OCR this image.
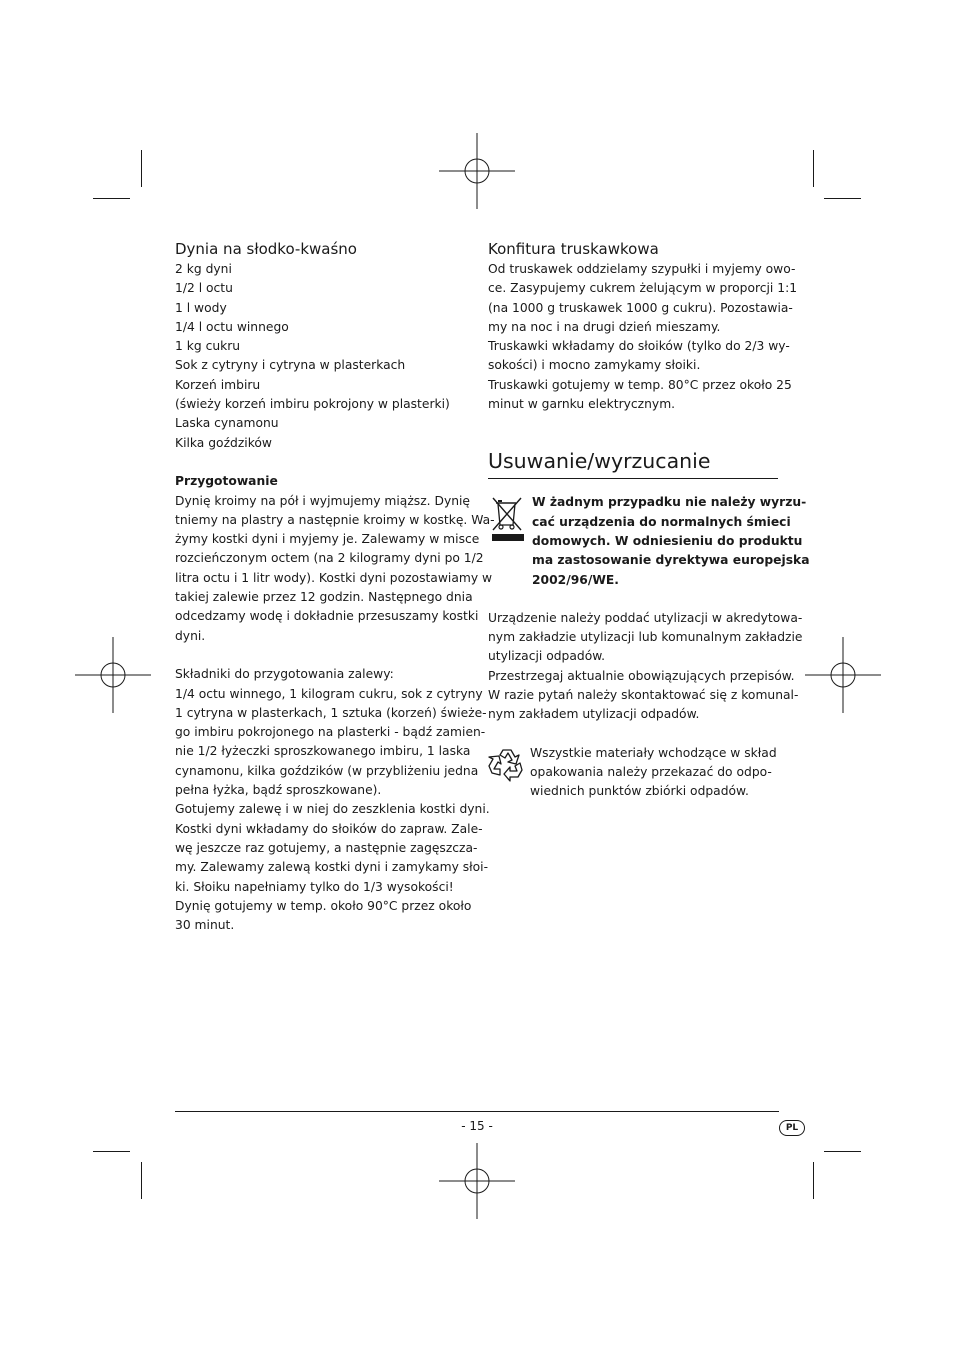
Dynia na słodko-kwaśno
2 kg dyni
1/2 l octu
1 l wody
1/4 l octu winnego
1 kg cukru
Sok z cytryny i cytryna w plasterkach
Korzeń imbiru
(świeży korzeń imbiru pokrojony w plasterki)
Laska cynamonu
Kilka goździków
Przygotowanie
Dynię kroimy na pół i wyjmujemy miąższ. Dynię
tniemy na plastry a następnie kroimy w kostkę. Wa-
żymy kostki dyni i myjemy je. Zalewamy w misce
rozcieńczonym octem (na 2 kilogramy dyni po 1/2
litra octu i 1 litr wody). Kostki dyni pozostawiamy w
takiej zalewie przez 12 godzin. Następnego dnia
odcedzamy wodę i dokładnie przesuszamy kostki
dyni.
Składniki do przygotowania zalewy:
1/4 octu winnego, 1 kilogram cukru, sok z cytryny
1 cytryna w plasterkach, 1 sztuka (korzeń) świeże-
go imbiru pokrojonego na plasterki - bądź zamien-
nie 1/2 łyżeczki sproszkowanego imbiru, 1 laska
cynamonu, kilka goździków (w przybliżeniu jedna
pełna łyżka, bądź sproszkowane).
Gotujemy zalewę i w niej do zeszklenia kostki dyni.
Kostki dyni wkładamy do słoików do zapraw. Zale-
wę jeszcze raz gotujemy, a następnie zagęszcza-
my. Zalewamy zalewą kostki dyni i zamykamy słoi-
ki. Słoiku napełniamy tylko do 1/3 wysokości!
Dynię gotujemy w temp. około 90°C przez około
30 minut.
Konfitura truskawkowa
Od truskawek oddzielamy szypułki i myjemy owo-
ce. Zasypujemy cukrem żelującym w proporcji 1:1
(na 1000 g truskawek 1000 g cukru). Pozostawia-
my na noc i na drugi dzień mieszamy.
Truskawki wkładamy do słoików (tylko do 2/3 wy-
sokości) i mocno zamykamy słoiki.
Truskawki gotujemy w temp. 80°C przez około 25
minut w garnku elektrycznym.
Usuwanie/wyrzucanie
W żadnym przypadku nie należy wyrzu-
cać urządzenia do normalnych śmieci
domowych. W odniesieniu do produktu
ma zastosowanie dyrektywa europejska
2002/96/WE.
Urządzenie należy poddać utylizacji w akredytowa-
nym zakładzie utylizacji lub komunalnym zakładzie
utylizacji odpadów.
Przestrzegaj aktualnie obowiązujących przepisów.
W razie pytań należy skontaktować się z komunal-
nym zakładem utylizacji odpadów.
Wszystkie materiały wchodzące w skład
opakowania należy przekazać do odpo-
wiednich punktów zbiórki odpadów.
- 15 -	PL
